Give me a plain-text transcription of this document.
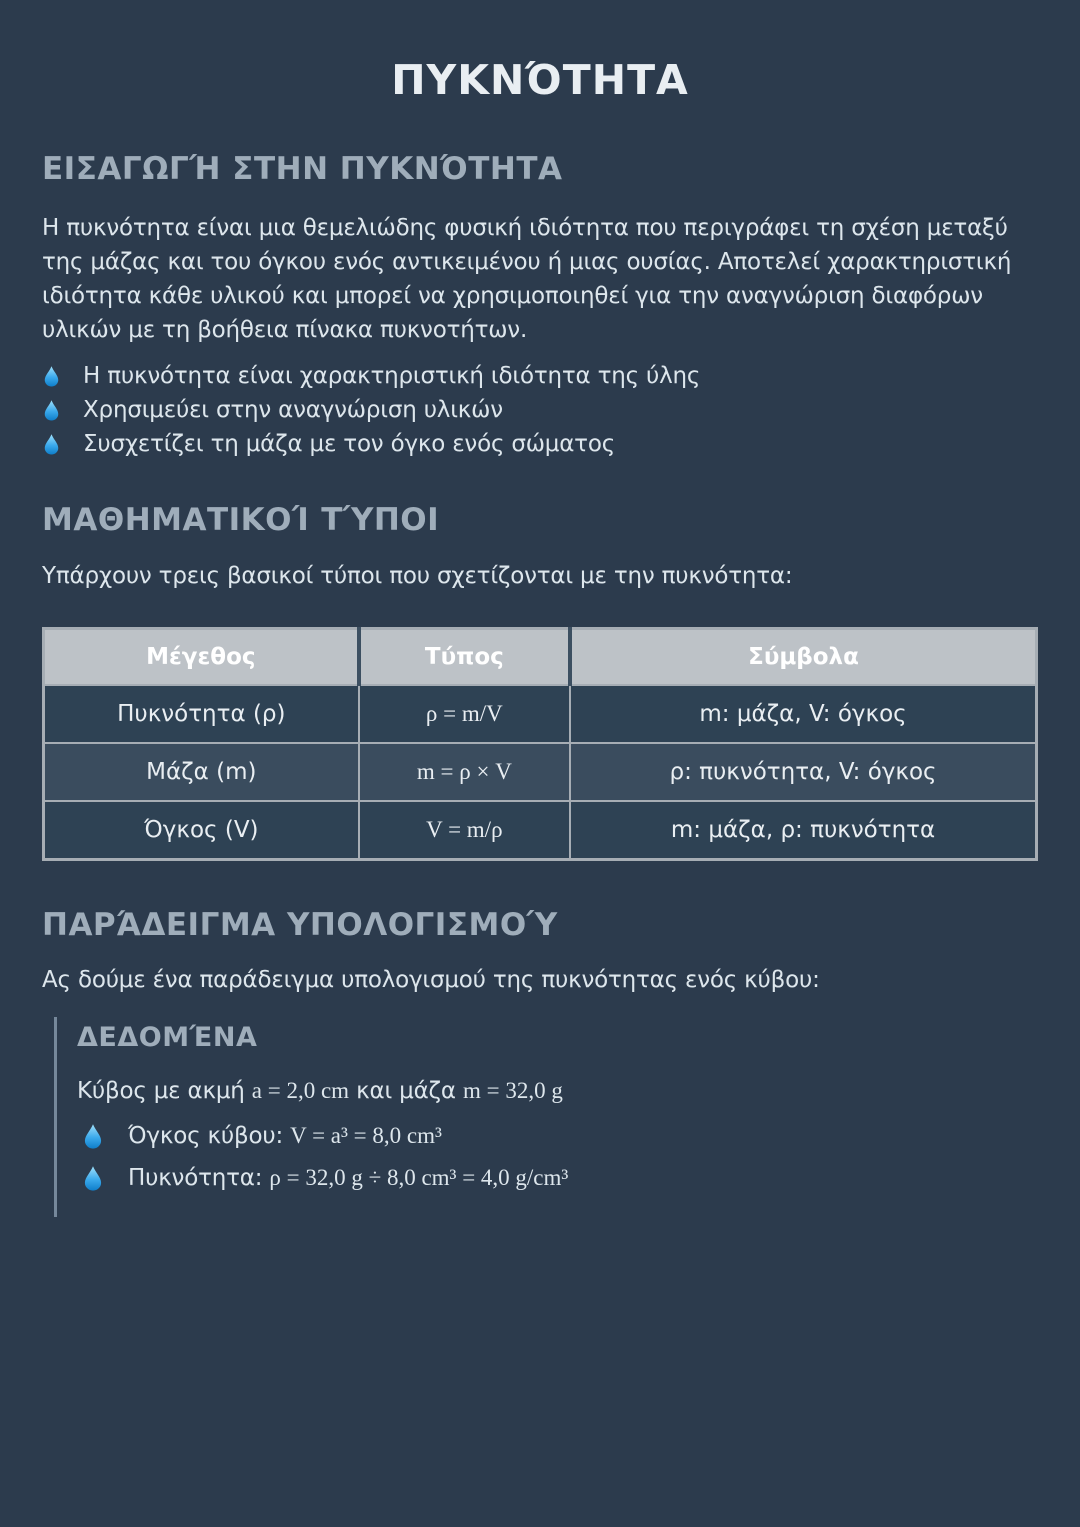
ΠΥΚΝΌΤΗΤΑ
ΕΙΣΑΓΩΓΉ ΣΤΗΝ ΠΥΚΝΌΤΗΤΑ

Η πυκνότητα είναι μια θεμελιώδης φυσική ιδιότητα που περιγράφει τη σχέση μεταξύ της μάζας και του όγκου ενός αντικειμένου ή μιας ουσίας. Αποτελεί χαρακτηριστική ιδιότητα κάθε υλικού και μπορεί να χρησιμοποιηθεί για την αναγνώριση διαφόρων υλικών με τη βοήθεια πίνακα πυκνοτήτων.

Η πυκνότητα είναι χαρακτηριστική ιδιότητα της ύλης
Χρησιμεύει στην αναγνώριση υλικών
Συσχετίζει τη μάζα με τον όγκο ενός σώματος
ΜΑΘΗΜΑΤΙΚΟΊ ΤΎΠΟΙ

Υπάρχουν τρεις βασικοί τύποι που σχετίζονται με την πυκνότητα:

Μέγεθος	Τύπος	Σύμβολα
Πυκνότητα (ρ)	ρ = m/V	m: μάζα, V: όγκος
Μάζα (m)	m = ρ × V	ρ: πυκνότητα, V: όγκος
Όγκος (V)	V = m/ρ	m: μάζα, ρ: πυκνότητα
ΠΑΡΆΔΕΙΓΜΑ ΥΠΟΛΟΓΙΣΜΟΎ

Ας δούμε ένα παράδειγμα υπολογισμού της πυκνότητας ενός κύβου:

ΔΕΔΟΜΈΝΑ

Κύβος με ακμή a = 2,0 cm και μάζα m = 32,0 g

Όγκος κύβου: V = a³ = 8,0 cm³
Πυκνότητα: ρ = 32,0 g ÷ 8,0 cm³ = 4,0 g/cm³
